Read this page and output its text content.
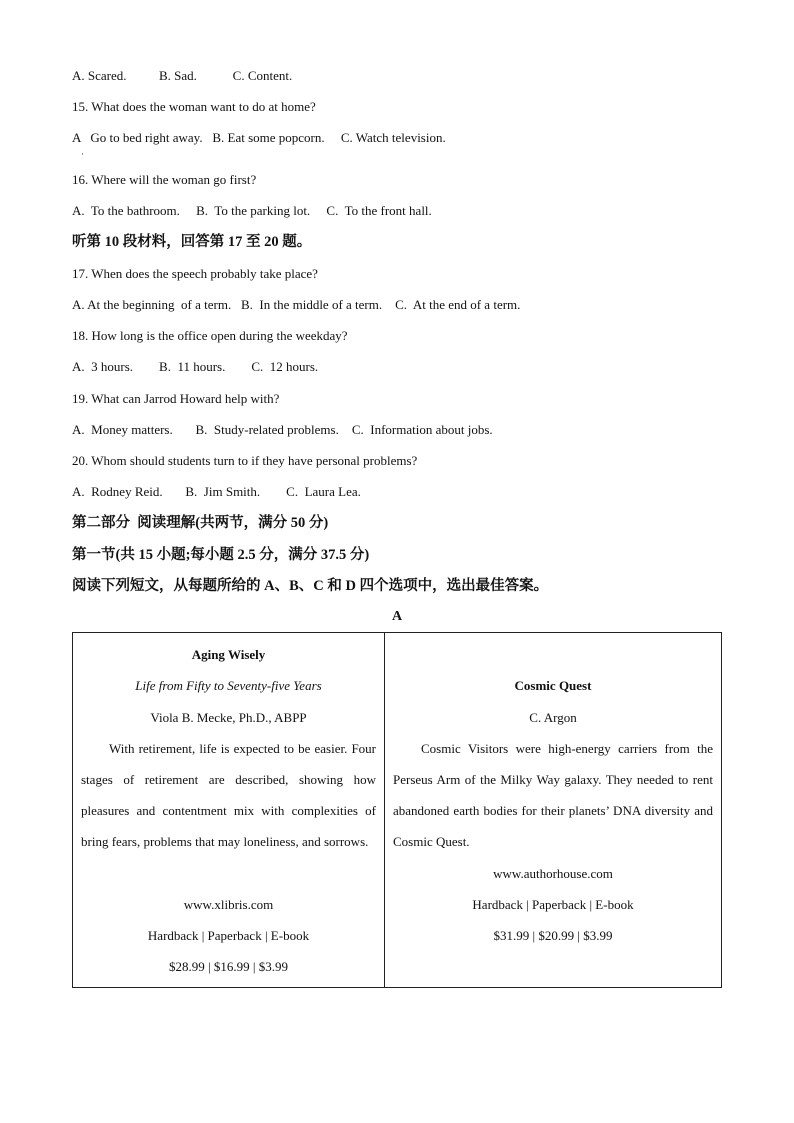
A. Scared.          B. Sad.           C. Content.
15. What does the woman want to do at home?
A   Go to bed right away.   B. Eat some popcorn.     C. Watch television.
·
16. Where will the woman go first?
A.  To the bathroom.     B.  To the parking lot.     C.  To the front hall.
听第 10 段材料，回答第 17 至 20 题。
17. When does the speech probably take place?
A. At the beginning  of a term.   B.  In the middle of a term.    C.  At the end of a term.
18. How long is the office open during the weekday?
A.  3 hours.        B.  11 hours.        C.  12 hours.
19. What can Jarrod Howard help with?
A.  Money matters.       B.  Study-related problems.    C.  Information about jobs.
20. Whom should students turn to if they have personal problems?
A.  Rodney Reid.       B.  Jim Smith.        C.  Laura Lea.
第二部分  阅读理解(共两节，满分 50 分)
第一节(共 15 小题;每小题 2.5 分，满分 37.5 分)
阅读下列短文，从每题所给的 A、B、C 和 D 四个选项中，选出最佳答案。
A
Aging Wisely
Life from Fifty to Seventy-five Years
Viola B. Mecke, Ph.D., ABPP
With retirement, life is expected to be easier. Four stages of retirement are described, showing how pleasures and contentment mix with complexities of bring fears, problems that may loneliness, and sorrows.
www.xlibris.com
Hardback | Paperback | E-book
$28.99 | $16.99 | $3.99

Cosmic Quest
C. Argon
Cosmic Visitors were high-energy carriers from the Perseus Arm of the Milky Way galaxy. They needed to rent abandoned earth bodies for their planets’ DNA diversity and Cosmic Quest.
www.authorhouse.com
Hardback | Paperback | E-book
$31.99 | $20.99 | $3.99
